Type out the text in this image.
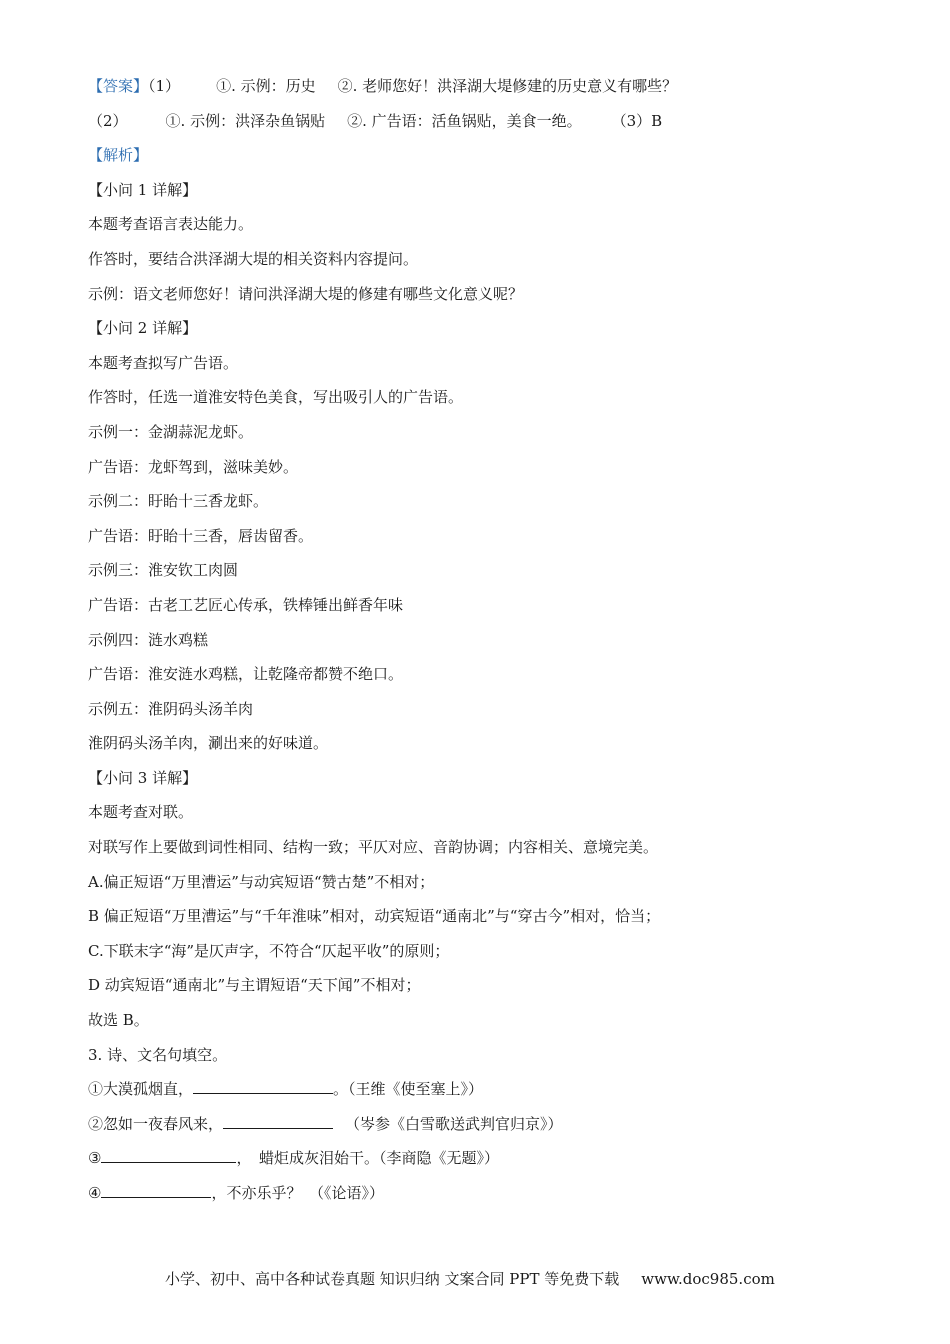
【答案】（1） ①. 示例：历史 ②. 老师您好！洪泽湖大堤修建的历史意义有哪些？
（2）	①. 示例：洪泽杂鱼锅贴 ②. 广告语：活鱼锅贴，美食一绝。 （3）B
【解析】
【小问 1 详解】
本题考查语言表达能力。
作答时，要结合洪泽湖大堤的相关资料内容提问。
示例：语文老师您好！请问洪泽湖大堤的修建有哪些文化意义呢？
【小问 2 详解】
本题考查拟写广告语。
作答时，任选一道淮安特色美食，写出吸引人的广告语。
示例一：金湖蒜泥龙虾。
广告语：龙虾驾到，滋味美妙。
示例二：盱眙十三香龙虾。
广告语：盱眙十三香，唇齿留香。
示例三：淮安钦工肉圆
广告语：古老工艺匠心传承，铁棒锤出鲜香年味
示例四：涟水鸡糕
广告语：淮安涟水鸡糕，让乾隆帝都赞不绝口。
示例五：淮阴码头汤羊肉
淮阴码头汤羊肉，涮出来的好味道。
【小问 3 详解】
本题考查对联。
对联写作上要做到词性相同、结构一致；平仄对应、音韵协调；内容相关、意境完美。
A.偏正短语“万里漕运”与动宾短语“赞古楚”不相对；
B 偏正短语“万里漕运”与“千年淮味”相对，动宾短语“通南北”与“穿古今”相对，恰当；
C.下联末字“海”是仄声字，不符合“仄起平收”的原则；
D 动宾短语“通南北”与主谓短语“天下闻”不相对；
故选 B。
3. 诗、文名句填空。
①大漠孤烟直，	。（王维《使至塞上》）
②忽如一夜春风来，	（岑参《白雪歌送武判官归京》）
③	，　蜡炬成灰泪始干。（李商隐《无题》）
④	，不亦乐乎？　（《论语》）
小学、初中、高中各种试卷真题 知识归纳 文案合同 PPT 等免费下载 www.doc985.com
